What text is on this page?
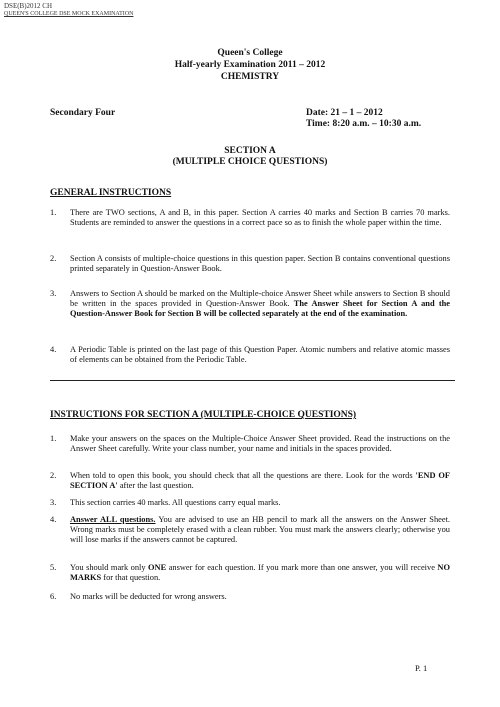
DSE(B)2012 CH
QUEEN'S COLLEGE DSE MOCK EXAMINATION
Queen's College
Half-yearly Examination 2011 – 2012
CHEMISTRY
Secondary Four	Date: 21 – 1 – 2012
Time: 8:20 a.m. – 10:30 a.m.
SECTION A
(MULTIPLE CHOICE QUESTIONS)
GENERAL INSTRUCTIONS
1. There are TWO sections, A and B, in this paper. Section A carries 40 marks and Section B carries 70 marks. Students are reminded to answer the questions in a correct pace so as to finish the whole paper within the time.
2. Section A consists of multiple-choice questions in this question paper. Section B contains conventional questions printed separately in Question-Answer Book.
3. Answers to Section A should be marked on the Multiple-choice Answer Sheet while answers to Section B should be written in the spaces provided in Question-Answer Book. The Answer Sheet for Section A and the Question-Answer Book for Section B will be collected separately at the end of the examination.
4. A Periodic Table is printed on the last page of this Question Paper. Atomic numbers and relative atomic masses of elements can be obtained from the Periodic Table.
INSTRUCTIONS FOR SECTION A (MULTIPLE-CHOICE QUESTIONS)
1. Make your answers on the spaces on the Multiple-Choice Answer Sheet provided. Read the instructions on the Answer Sheet carefully. Write your class number, your name and initials in the spaces provided.
2. When told to open this book, you should check that all the questions are there. Look for the words 'END OF SECTION A' after the last question.
3. This section carries 40 marks. All questions carry equal marks.
4. Answer ALL questions. You are advised to use an HB pencil to mark all the answers on the Answer Sheet. Wrong marks must be completely erased with a clean rubber. You must mark the answers clearly; otherwise you will lose marks if the answers cannot be captured.
5. You should mark only ONE answer for each question. If you mark more than one answer, you will receive NO MARKS for that question.
6. No marks will be deducted for wrong answers.
P. 1
